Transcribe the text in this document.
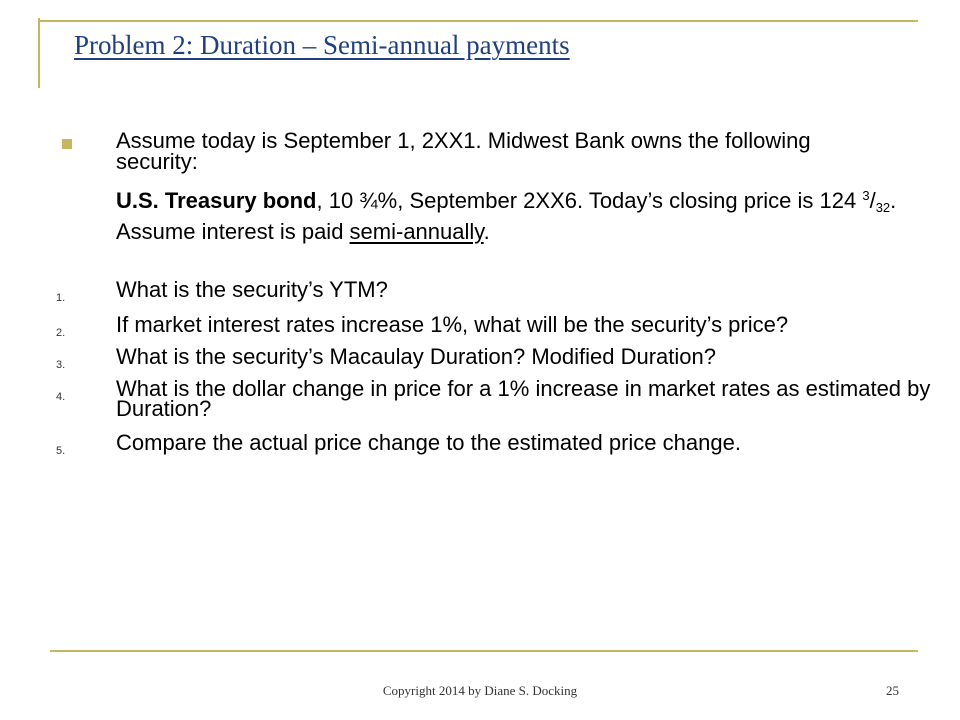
Problem 2: Duration – Semi-annual payments
Assume today is September 1, 2XX1. Midwest Bank owns the following security:
U.S. Treasury bond, 10 ¾%, September 2XX6. Today’s closing price is 124 $^3/_{32}$. Assume interest is paid semi-annually.
1. What is the security’s YTM?
2. If market interest rates increase 1%, what will be the security’s price?
3. What is the security’s Macaulay Duration? Modified Duration?
4. What is the dollar change in price for a 1% increase in market rates as estimated by Duration?
5. Compare the actual price change to the estimated price change.
Copyright 2014 by Diane S. Docking	25
